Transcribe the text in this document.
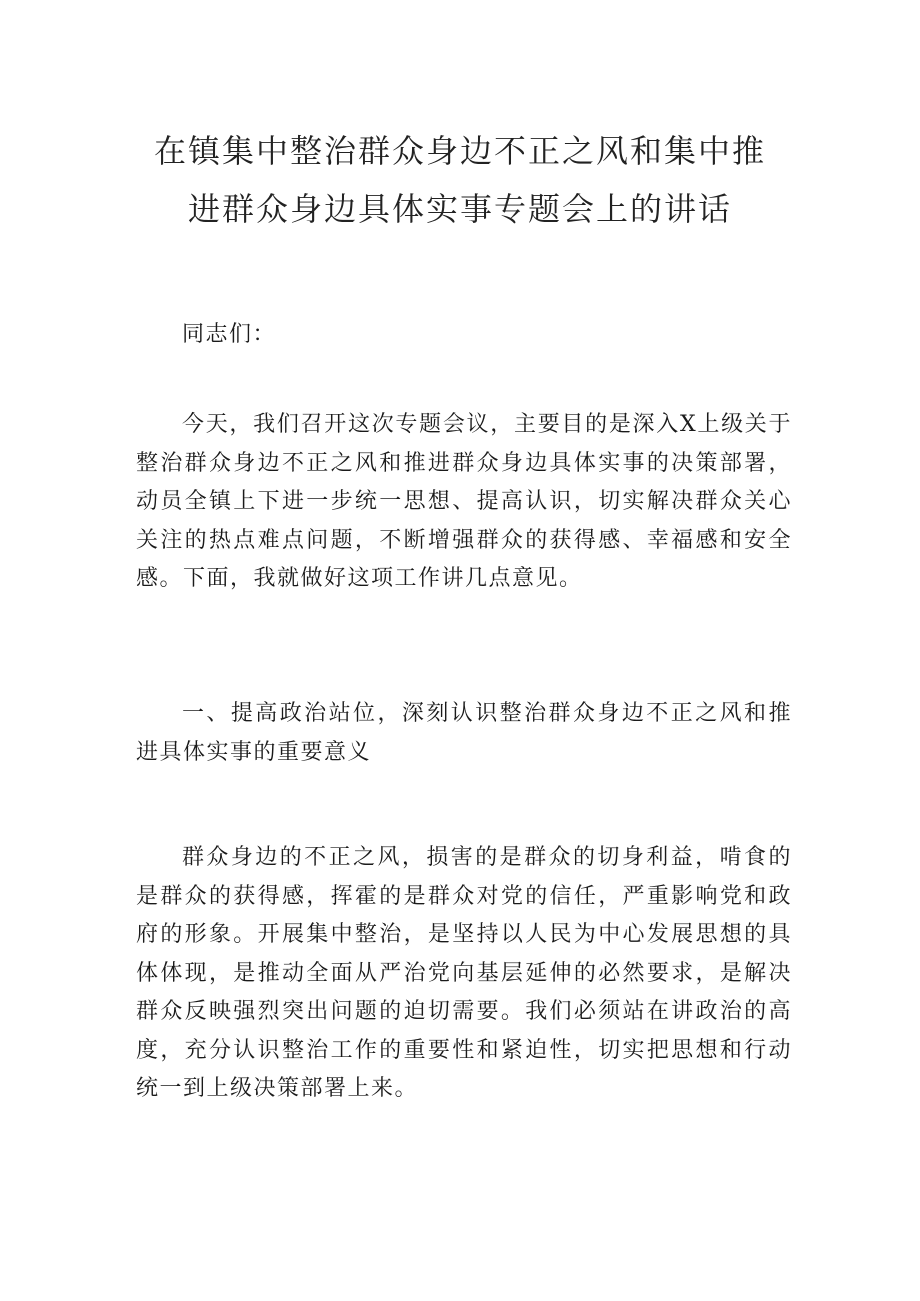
在镇集中整治群众身边不正之风和集中推
进群众身边具体实事专题会上的讲话

同志们：

今天，我们召开这次专题会议，主要目的是深入X上级关于整治群众身边不正之风和推进群众身边具体实事的决策部署，动员全镇上下进一步统一思想、提高认识，切实解决群众关心关注的热点难点问题，不断增强群众的获得感、幸福感和安全感。下面，我就做好这项工作讲几点意见。

一、提高政治站位，深刻认识整治群众身边不正之风和推进具体实事的重要意义

群众身边的不正之风，损害的是群众的切身利益，啃食的是群众的获得感，挥霍的是群众对党的信任，严重影响党和政府的形象。开展集中整治，是坚持以人民为中心发展思想的具体体现，是推动全面从严治党向基层延伸的必然要求，是解决群众反映强烈突出问题的迫切需要。我们必须站在讲政治的高度，充分认识整治工作的重要性和紧迫性，切实把思想和行动统一到上级决策部署上来。
